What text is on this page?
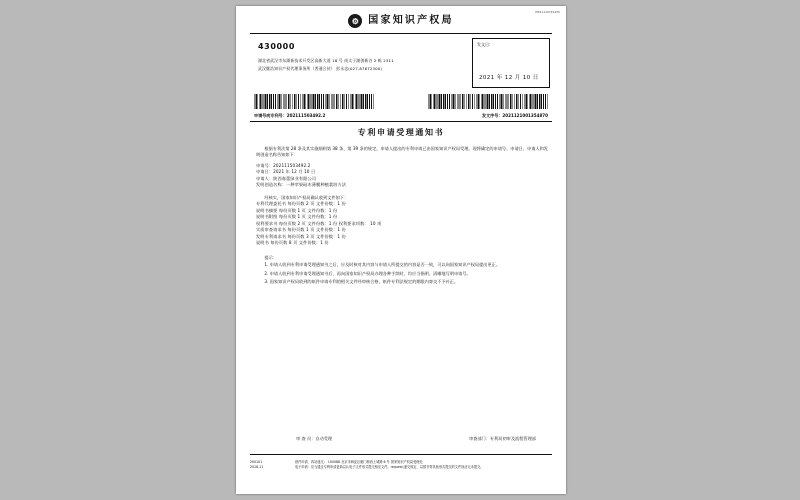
M321110701435
⚙ 国家知识产权局
430000
湖北省武汉市东湖新技术开发区高新大道 18 号 南太子湖创新谷 2 栋 2311
武汉继浩知识产权代理事务所（普通合伙） 彭永忠(027-87672300)
发文日:
2021 年 12 月 10 日
申请号或专利号：202111503492.2	发文序号：2021121001354870
专利申请受理通知书
根据专利法第 28 条及其实施细则第 38 条、第 39 条的规定，申请人提出的专利申请已由国家知识产权局受理。现将确定的申请号、申请日、申请人和发明创造名称告知如下：
申请号：202111503492.2
申请日：2021 年 12 月 10 日
申请人：陕西春蕾绿业有限公司
发明创造名称：一种苹果砧木薄膜种植栽培方法
经核实，国家知识产权局确认收到文件如下：
专利代理委托书 每份页数 2 页 文件份数：1 份
说明书摘要 每份页数 1 页 文件份数：1 份
说明书附图 每份页数 1 页 文件份数：1 份
权利要求书 每份页数 2 页 文件份数：1 份 权利要求项数： 10 项
实质审查请求书 每份页数 1 页 文件份数：1 份
发明专利请求书 每份页数 3 页 文件份数：1 份
说明书 每份页数 8 页 文件份数：1 份
提示：
1. 申请人收到专利申请受理通知书之后，应及时核对其内容与申请人所提交的内容是否一致，可以向国家知识产权局提出更正。
2. 申请人收到专利申请受理通知书后，再向国家知识产权局办理各种手续时，均应当指明、清晰地写明申请号。
3. 国家知识产权局收到的纸件申请专利的相关文件经审核合格，纸件专利法规定的期限内寄交不予补正。
审 查 员：自动受理	审查部门：专利局初审及流程管理部
200101
2018.11
纸件申请、四站递交： 100088 北京市海淀区蓟门桥西土城路 6 号 国家知识产权局受理处
电子申请：应当通过专利申请更新以认电子文件形式提交相应文件。request;递交规定、以国书寄其他形式提交的文件视应无未提交。
